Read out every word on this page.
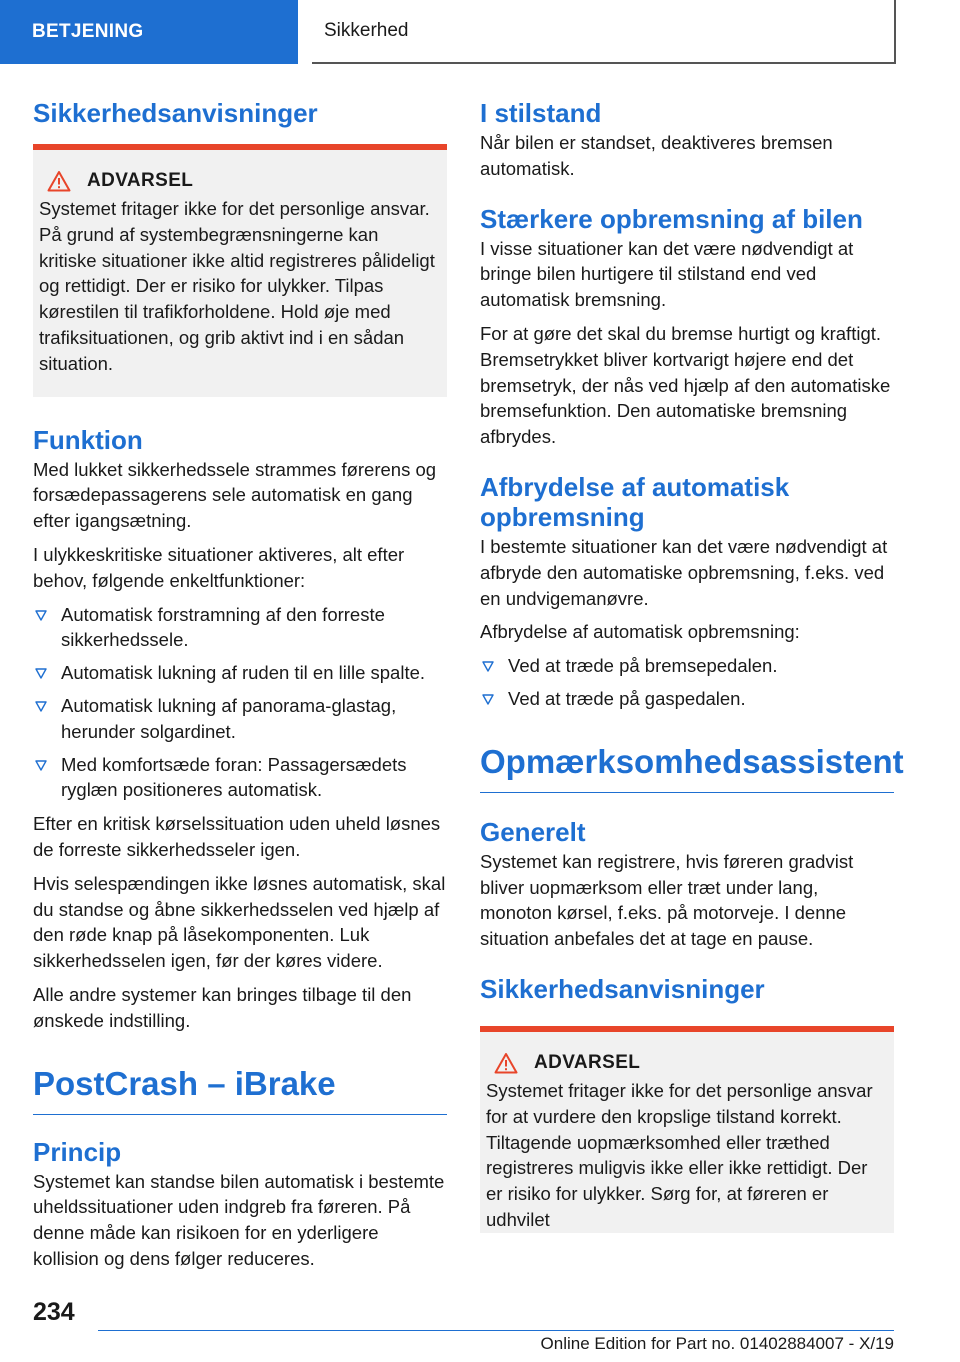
BETJENING	Sikkerhed
Sikkerhedsanvisninger
ADVARSEL

Systemet fritager ikke for det personlige ansvar. På grund af systembegrænsningerne kan kritiske situationer ikke altid registreres pålideligt og rettidigt. Der er risiko for ulykker. Tilpas kørestilen til trafikforholdene. Hold øje med trafiksituationen, og grib aktivt ind i en sådan situation.

Funktion

Med lukket sikkerhedssele strammes førerens og forsædepassagerens sele automatisk en gang efter igangsætning.

I ulykkeskritiske situationer aktiveres, alt efter behov, følgende enkeltfunktioner:

Automatisk forstramning af den forreste sikkerhedssele.
Automatisk lukning af ruden til en lille spalte.
Automatisk lukning af panorama-glastag, herunder solgardinet.
Med komfortsæde foran: Passagersædets ryglæn positioneres automatisk.

Efter en kritisk kørselssituation uden uheld løsnes de forreste sikkerhedsseler igen.

Hvis selespændingen ikke løsnes automatisk, skal du standse og åbne sikkerhedsselen ved hjælp af den røde knap på låsekomponenten. Luk sikkerhedsselen igen, før der køres videre.

Alle andre systemer kan bringes tilbage til den ønskede indstilling.

PostCrash – iBrake
Princip

Systemet kan standse bilen automatisk i bestemte uheldssituationer uden indgreb fra føreren. På denne måde kan risikoen for en yderligere kollision og dens følger reduceres.

I stilstand

Når bilen er standset, deaktiveres bremsen automatisk.

Stærkere opbremsning af bilen

I visse situationer kan det være nødvendigt at bringe bilen hurtigere til stilstand end ved automatisk bremsning.

For at gøre det skal du bremse hurtigt og kraftigt. Bremsetrykket bliver kortvarigt højere end det bremsetryk, der nås ved hjælp af den automatiske bremsefunktion. Den automatiske bremsning afbrydes.

Afbrydelse af automatisk opbremsning

I bestemte situationer kan det være nødvendigt at afbryde den automatiske opbremsning, f.eks. ved en undvigemanøvre.

Afbrydelse af automatisk opbremsning:

Ved at træde på bremsepedalen.
Ved at træde på gaspedalen.
Opmærksomhedsassistent
Generelt

Systemet kan registrere, hvis føreren gradvist bliver uopmærksom eller træt under lang, monoton kørsel, f.eks. på motorveje. I denne situation anbefales det at tage en pause.

Sikkerhedsanvisninger
ADVARSEL

Systemet fritager ikke for det personlige ansvar for at vurdere den kropslige tilstand korrekt. Tiltagende uopmærksomhed eller træthed registreres muligvis ikke eller ikke rettidigt. Der er risiko for ulykker. Sørg for, at føreren er udhvilet

234
Online Edition for Part no. 01402884007 - X/19
